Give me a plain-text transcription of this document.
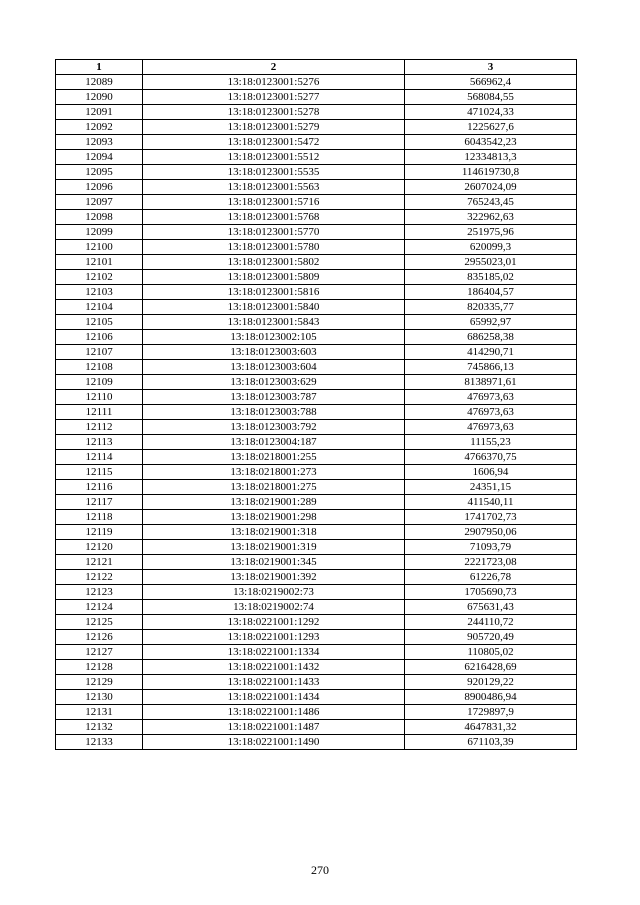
1	2	3
12089	13:18:0123001:5276	566962,4
12090	13:18:0123001:5277	568084,55
12091	13:18:0123001:5278	471024,33
12092	13:18:0123001:5279	1225627,6
12093	13:18:0123001:5472	6043542,23
12094	13:18:0123001:5512	12334813,3
12095	13:18:0123001:5535	114619730,8
12096	13:18:0123001:5563	2607024,09
12097	13:18:0123001:5716	765243,45
12098	13:18:0123001:5768	322962,63
12099	13:18:0123001:5770	251975,96
12100	13:18:0123001:5780	620099,3
12101	13:18:0123001:5802	2955023,01
12102	13:18:0123001:5809	835185,02
12103	13:18:0123001:5816	186404,57
12104	13:18:0123001:5840	820335,77
12105	13:18:0123001:5843	65992,97
12106	13:18:0123002:105	686258,38
12107	13:18:0123003:603	414290,71
12108	13:18:0123003:604	745866,13
12109	13:18:0123003:629	8138971,61
12110	13:18:0123003:787	476973,63
12111	13:18:0123003:788	476973,63
12112	13:18:0123003:792	476973,63
12113	13:18:0123004:187	11155,23
12114	13:18:0218001:255	4766370,75
12115	13:18:0218001:273	1606,94
12116	13:18:0218001:275	24351,15
12117	13:18:0219001:289	411540,11
12118	13:18:0219001:298	1741702,73
12119	13:18:0219001:318	2907950,06
12120	13:18:0219001:319	71093,79
12121	13:18:0219001:345	2221723,08
12122	13:18:0219001:392	61226,78
12123	13:18:0219002:73	1705690,73
12124	13:18:0219002:74	675631,43
12125	13:18:0221001:1292	244110,72
12126	13:18:0221001:1293	905720,49
12127	13:18:0221001:1334	110805,02
12128	13:18:0221001:1432	6216428,69
12129	13:18:0221001:1433	920129,22
12130	13:18:0221001:1434	8900486,94
12131	13:18:0221001:1486	1729897,9
12132	13:18:0221001:1487	4647831,32
12133	13:18:0221001:1490	671103,39
270
